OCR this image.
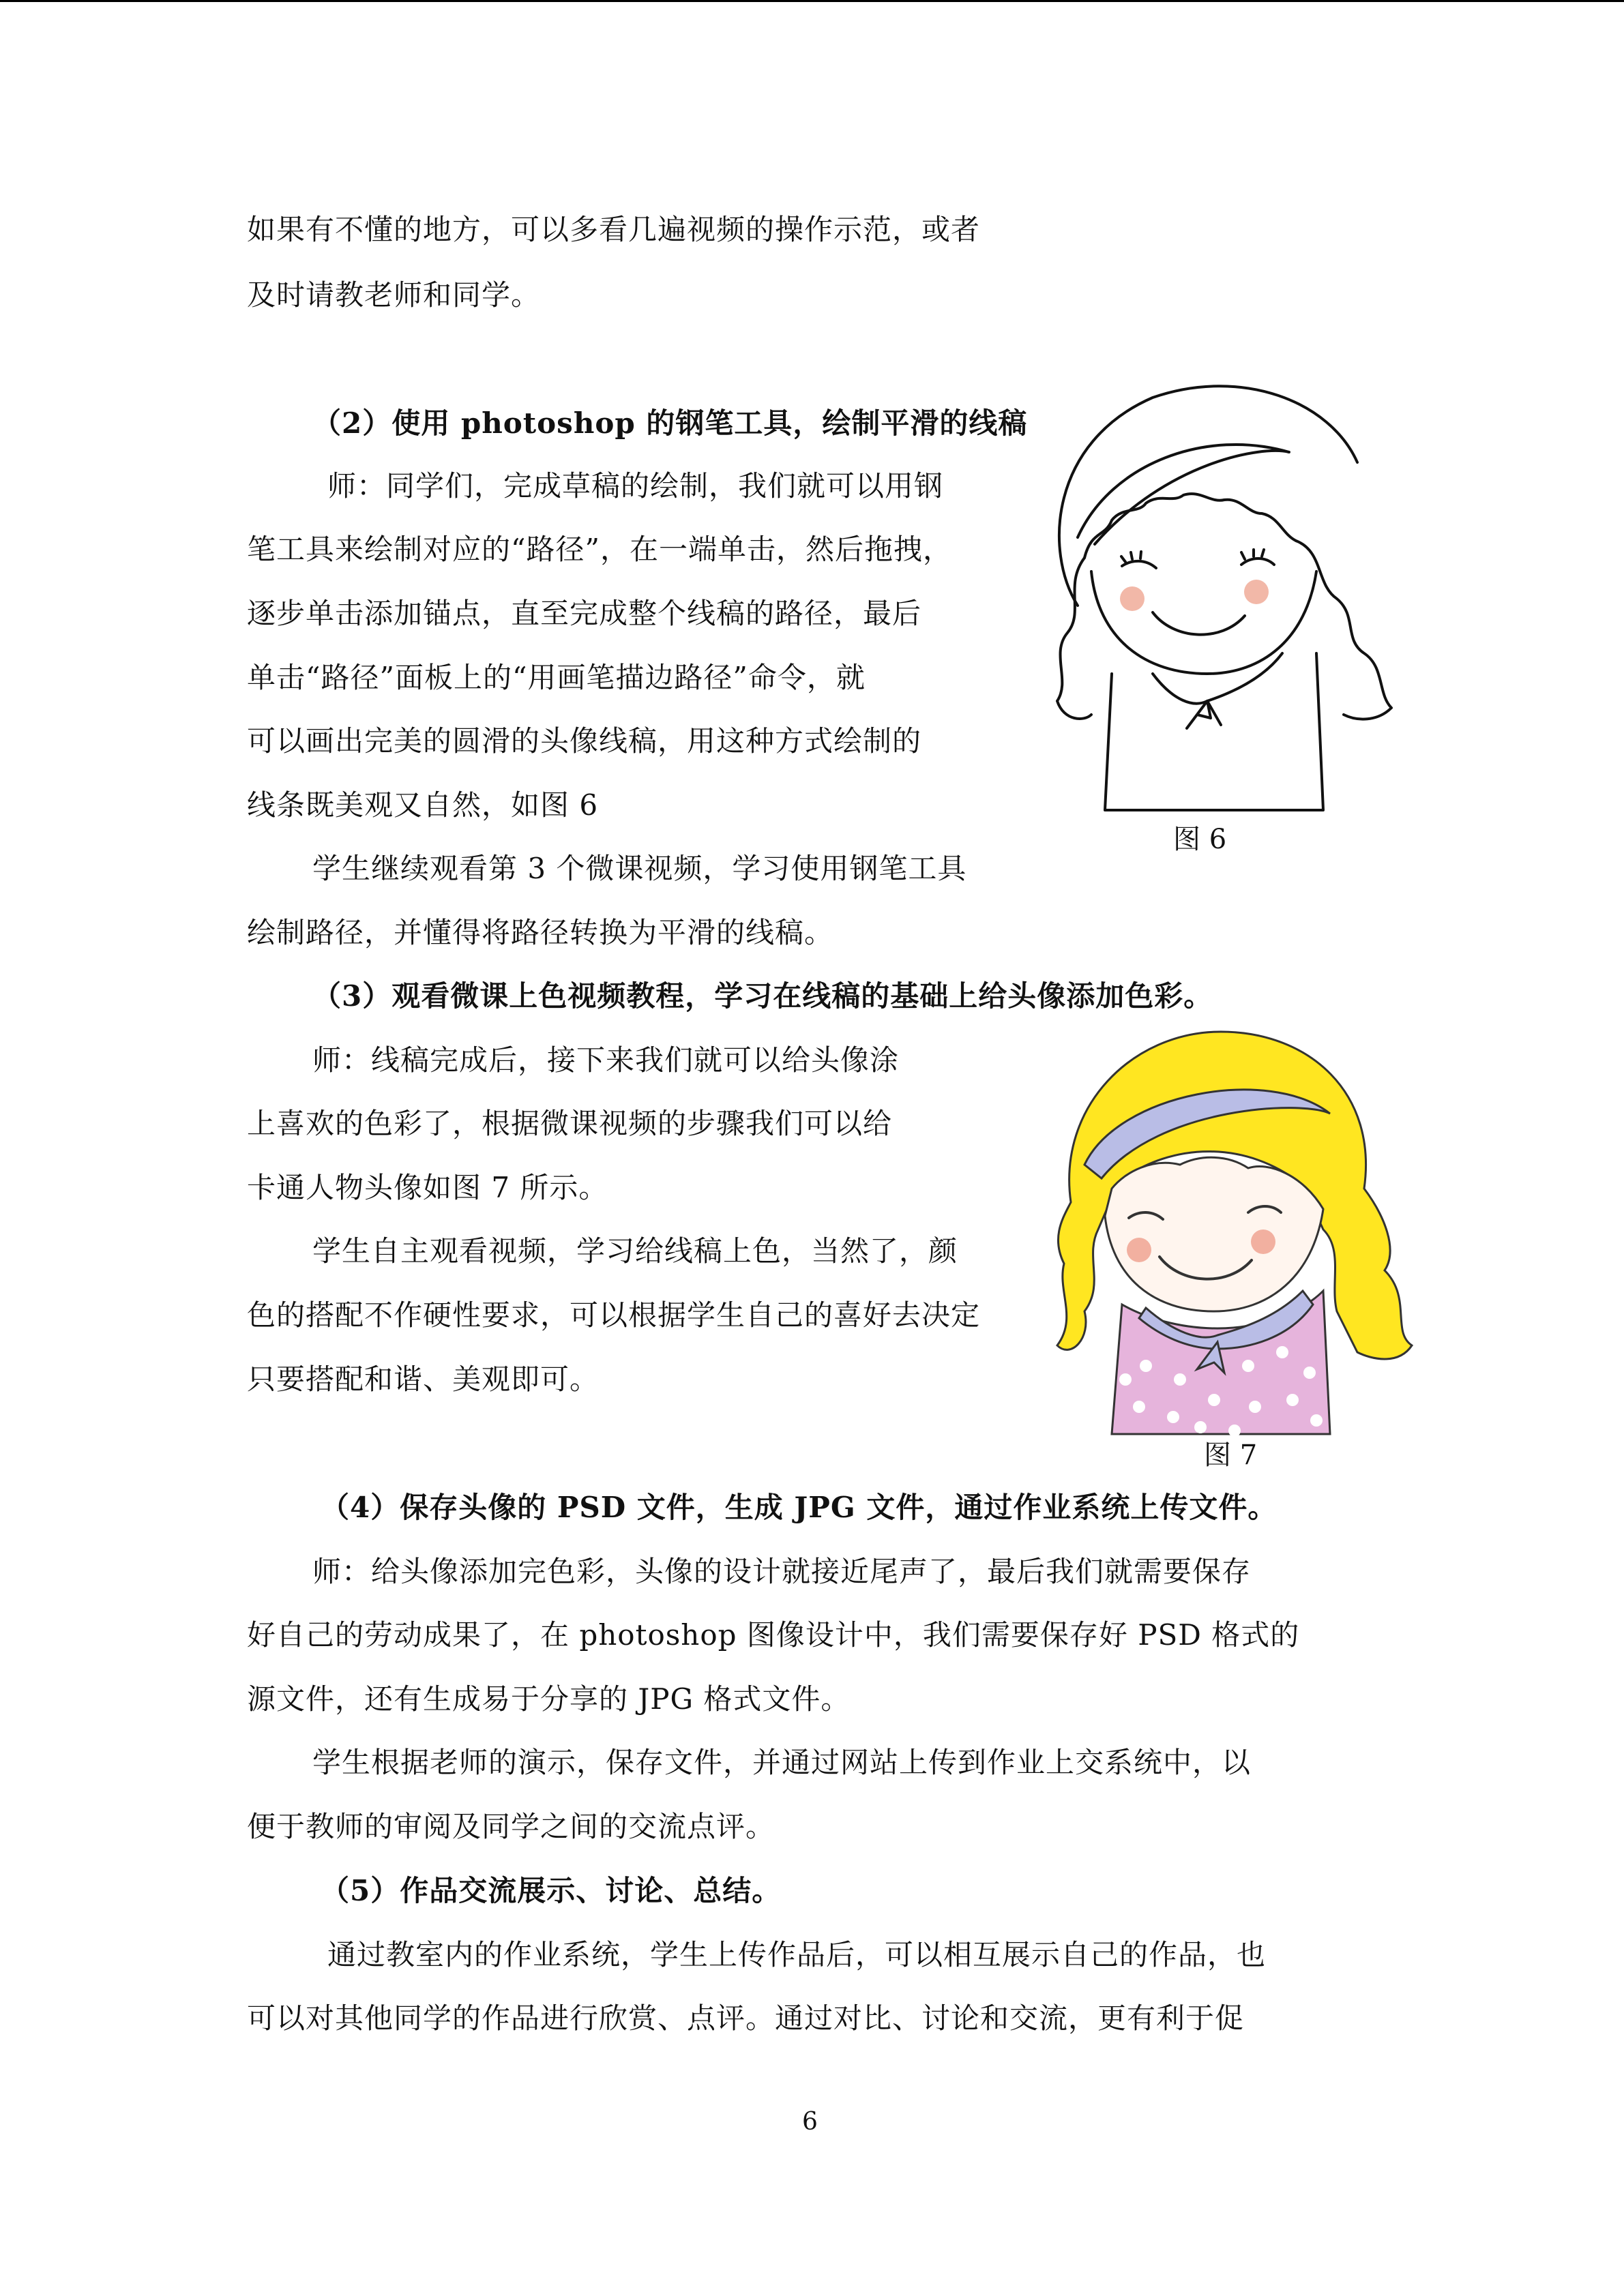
如果有不懂的地方，可以多看几遍视频的操作示范，或者
及时请教老师和同学。
（2）使用 photoshop 的钢笔工具，绘制平滑的线稿
师：同学们，完成草稿的绘制，我们就可以用钢
笔工具来绘制对应的“路径”，在一端单击，然后拖拽，
逐步单击添加锚点，直至完成整个线稿的路径，最后
单击“路径”面板上的“用画笔描边路径”命令，就
可以画出完美的圆滑的头像线稿，用这种方式绘制的
线条既美观又自然，如图 6
学生继续观看第 3 个微课视频，学习使用钢笔工具
绘制路径，并懂得将路径转换为平滑的线稿。
图 6
（3）观看微课上色视频教程，学习在线稿的基础上给头像添加色彩。
师：线稿完成后，接下来我们就可以给头像涂
上喜欢的色彩了，根据微课视频的步骤我们可以给
卡通人物头像如图 7 所示。
学生自主观看视频，学习给线稿上色，当然了，颜
色的搭配不作硬性要求，可以根据学生自己的喜好去决定
只要搭配和谐、美观即可。
图 7
（4）保存头像的 PSD 文件，生成 JPG 文件，通过作业系统上传文件。
师：给头像添加完色彩，头像的设计就接近尾声了，最后我们就需要保存
好自己的劳动成果了，在 photoshop 图像设计中，我们需要保存好 PSD 格式的
源文件，还有生成易于分享的 JPG 格式文件。
学生根据老师的演示，保存文件，并通过网站上传到作业上交系统中，以
便于教师的审阅及同学之间的交流点评。
（5）作品交流展示、讨论、总结。
通过教室内的作业系统，学生上传作品后，可以相互展示自己的作品，也
可以对其他同学的作品进行欣赏、点评。通过对比、讨论和交流，更有利于促
6
